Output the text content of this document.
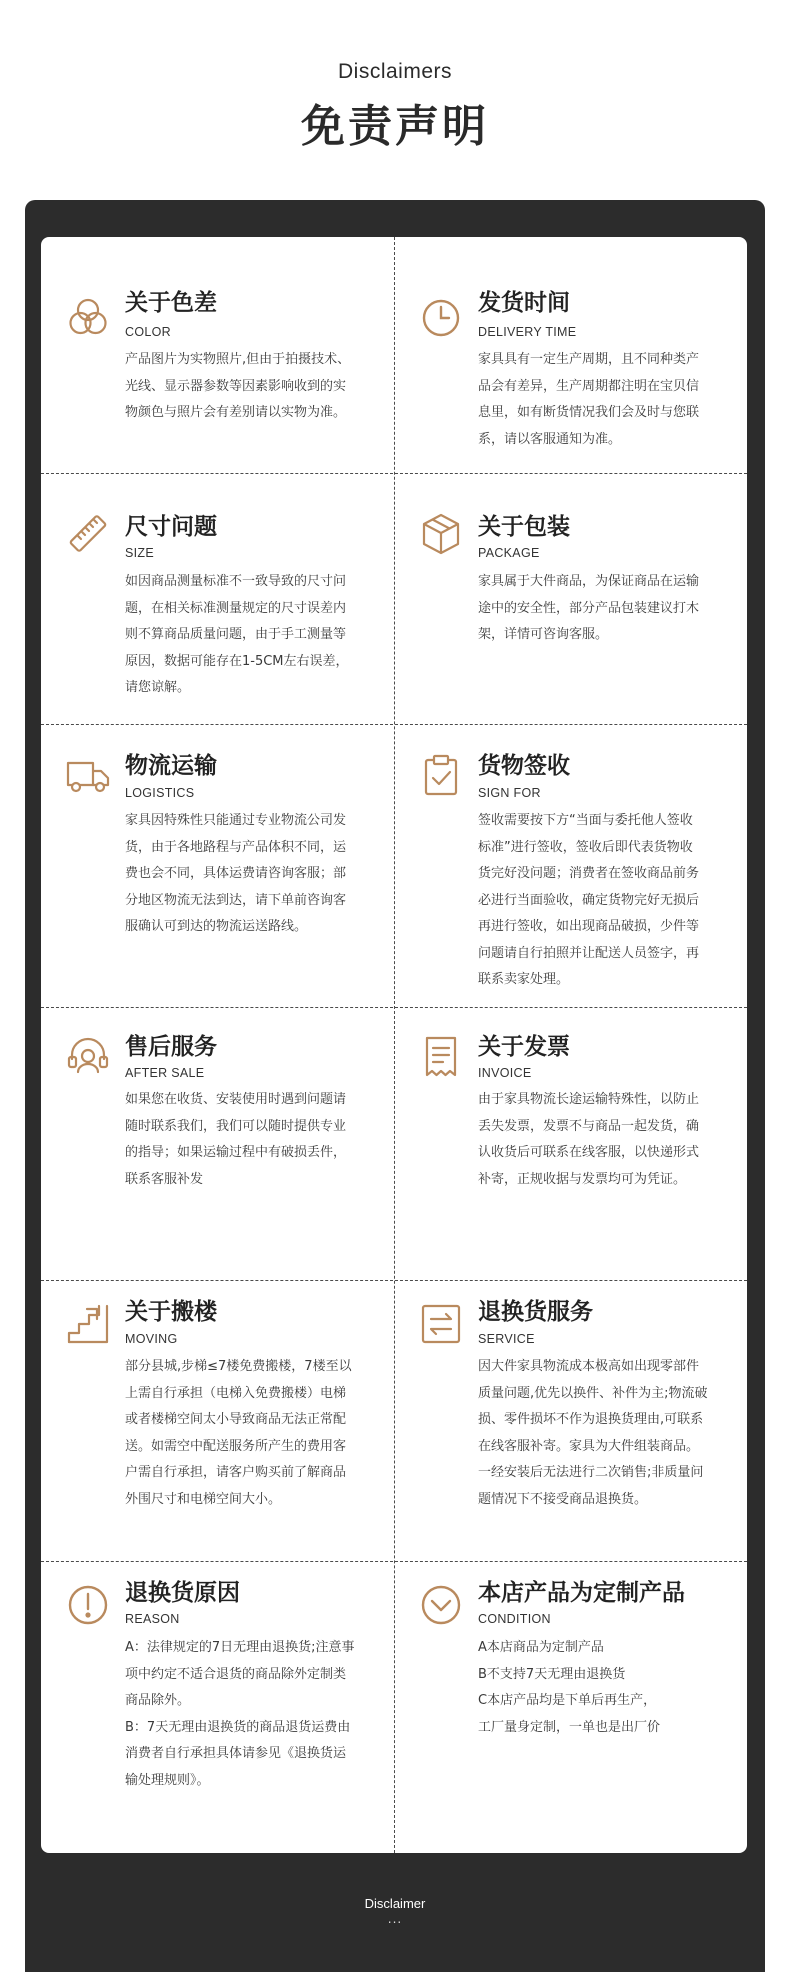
Disclaimers
免责声明
关于色差
COLOR
产品图片为实物照片,但由于拍摄技术、
光线、显示器参数等因素影响收到的实
物颜色与照片会有差别请以实物为准。
发货时间
DELIVERY TIME
家具具有一定生产周期，且不同种类产
品会有差异，生产周期都注明在宝贝信
息里，如有断货情况我们会及时与您联
系，请以客服通知为准。
尺寸问题
SIZE
如因商品测量标准不一致导致的尺寸问
题，在相关标准测量规定的尺寸误差内
则不算商品质量问题，由于手工测量等
原因，数据可能存在1-5CM左右误差，
请您谅解。
关于包装
PACKAGE
家具属于大件商品，为保证商品在运输
途中的安全性，部分产品包装建议打木
架，详情可咨询客服。
物流运输
LOGISTICS
家具因特殊性只能通过专业物流公司发
货，由于各地路程与产品体积不同，运
费也会不同，具体运费请咨询客服；部
分地区物流无法到达，请下单前咨询客
服确认可到达的物流运送路线。
货物签收
SIGN FOR
签收需要按下方“当面与委托他人签收
标准”进行签收，签收后即代表货物收
货完好没问题；消费者在签收商品前务
必进行当面验收，确定货物完好无损后
再进行签收，如出现商品破损，少件等
问题请自行拍照并让配送人员签字，再
联系卖家处理。
售后服务
AFTER SALE
如果您在收货、安装使用时遇到问题请
随时联系我们，我们可以随时提供专业
的指导；如果运输过程中有破损丢件，
联系客服补发
关于发票
INVOICE
由于家具物流长途运输特殊性，以防止
丢失发票，发票不与商品一起发货，确
认收货后可联系在线客服，以快递形式
补寄，正规收据与发票均可为凭证。
关于搬楼
MOVING
部分县城,步梯≤7楼免费搬楼，7楼至以
上需自行承担（电梯入免费搬楼）电梯
或者楼梯空间太小导致商品无法正常配
送。如需空中配送服务所产生的费用客
户需自行承担，请客户购买前了解商品
外围尺寸和电梯空间大小。
退换货服务
SERVICE
因大件家具物流成本极高如出现零部件
质量问题,优先以换件、补件为主;物流破
损、零件损坏不作为退换货理由,可联系
在线客服补寄。家具为大件组装商品。
一经安装后无法进行二次销售;非质量问
题情况下不接受商品退换货。
退换货原因
REASON
A：法律规定的7日无理由退换货;注意事
项中约定不适合退货的商品除外定制类
商品除外。
B：7天无理由退换货的商品退货运费由
消费者自行承担具体请参见《退换货运
输处理规则》。
本店产品为定制产品
CONDITION
A本店商品为定制产品
B不支持7天无理由退换货
C本店产品均是下单后再生产，
工厂量身定制，一单也是出厂价
Disclaimer
...
